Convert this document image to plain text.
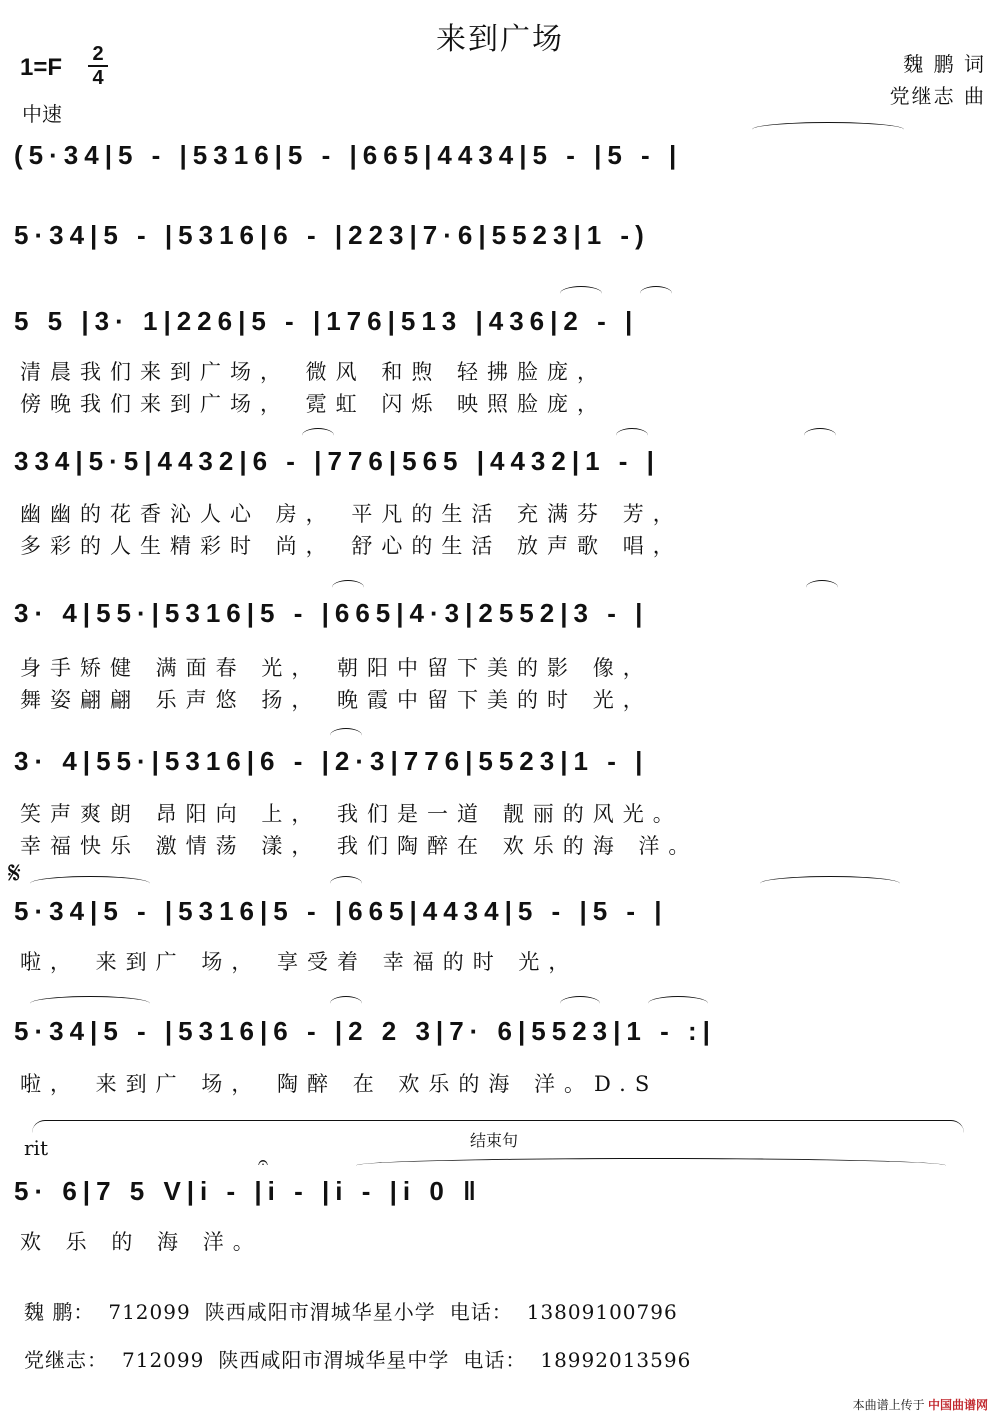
来到广场
1=F 2
4
中速
魏 鹏 词
党继志 曲
(5·34|5 - |5316|5 - |665|4434|5 - |5 - |
5·34|5 - |5316|6 - |223|7·6|5523|1 -)
5 5 |3· 1|226|5 - |176|513 |436|2 - |
清晨我们来到广场， 微风 和煦 轻拂脸庞，
傍晚我们来到广场， 霓虹 闪烁 映照脸庞，
334|5·5|4432|6 - |776|565 |4432|1 - |
幽幽的花香沁人心 房， 平凡的生活 充满芬 芳，
多彩的人生精彩时 尚， 舒心的生活 放声歌 唱，
3· 4|55·|5316|5 - |665|4·3|2552|3 - |
身手矫健 满面春 光， 朝阳中留下美的影 像，
舞姿翩翩 乐声悠 扬， 晚霞中留下美的时 光，
3· 4|55·|5316|6 - |2·3|776|5523|1 - |
笑声爽朗 昂阳向 上， 我们是一道 靓丽的风光。
幸福快乐 激情荡 漾， 我们陶醉在 欢乐的海 洋。
𝄋
5·34|5 - |5316|5 - |665|4434|5 - |5 - |
啦， 来到广 场， 享受着 幸福的时 光，
5·34|5 - |5316|6 - |2 2 3|7· 6|5523|1 - :|
啦， 来到广 场， 陶醉 在 欢乐的海 洋。D.S
结束句
rit
𝄐
5· 6|7 5 V|i - |i - |i - |i 0 ‖
欢 乐 的 海 洋。
魏 鹏： 712099 陕西咸阳市渭城华星小学 电话： 13809100796
党继志： 712099 陕西咸阳市渭城华星中学 电话： 18992013596
本曲谱上传于 中国曲谱网
